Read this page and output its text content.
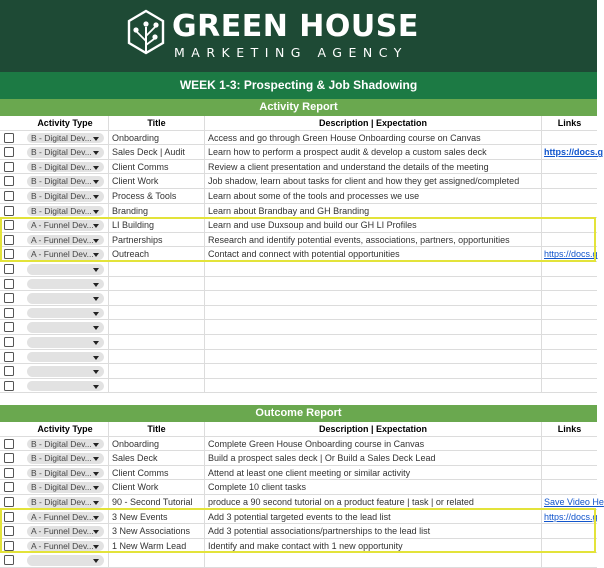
GREEN HOUSE
MARKETING AGENCY
WEEK 1-3: Prospecting & Job Shadowing
Activity Report
Activity Type	Title	Description | Expectation	Links
B - Digital Dev...	Onboarding	Access and go through Green House Onboarding course on Canvas
B - Digital Dev...	Sales Deck | Audit	Learn how to perform a prospect audit & develop a custom sales deck	https://docs.g
B - Digital Dev...	Client Comms	Review a client presentation and understand the details of the meeting
B - Digital Dev...	Client Work	Job shadow, learn about tasks for client and how they get assigned/completed
B - Digital Dev...	Process & Tools	Learn about some of the tools and processes we use
B - Digital Dev...	Branding	Learn about Brandbay and GH Branding
A - Funnel Dev...	LI Building	Learn and use Duxsoup and build our GH LI Profiles
A - Funnel Dev...	Partnerships	Research and identify potential events, associations, partners, opportunities
A - Funnel Dev...	Outreach	Contact and connect with potential opportunities	https://docs.g
Outcome Report
Activity Type	Title	Description | Expectation	Links
B - Digital Dev...	Onboarding	Complete Green House Onboarding course in Canvas
B - Digital Dev...	Sales Deck	Build a prospect sales deck | Or Build a Sales Deck Lead
B - Digital Dev...	Client Comms	Attend at least one client meeting or similar activity
B - Digital Dev...	Client Work	Complete 10 client tasks
B - Digital Dev...	90 - Second Tutorial	produce a 90 second tutorial on a product feature | task | or related	Save Video He
A - Funnel Dev...	3 New Events	Add 3 potential targeted events to the lead list	https://docs.g
A - Funnel Dev...	3 New Associations	Add 3 potential associations/partnerships to the lead list
A - Funnel Dev...	1 New Warm Lead	Identify and make contact with 1 new opportunity
